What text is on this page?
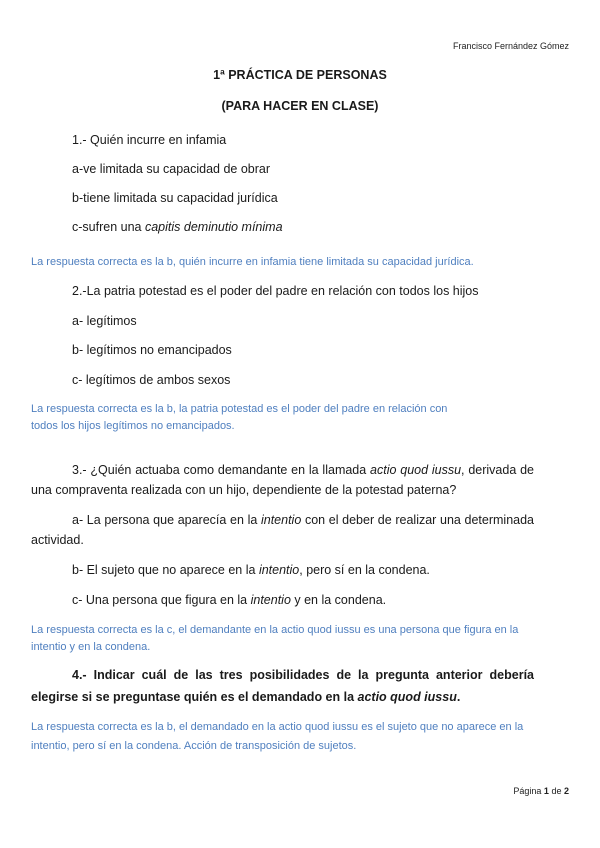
Francisco Fernández Gómez
1ª PRÁCTICA DE PERSONAS
(PARA HACER EN CLASE)
1.- Quién incurre en infamia
a-ve limitada su capacidad de obrar
b-tiene limitada su capacidad jurídica
c-sufren una capitis deminutio mínima
La respuesta correcta es la b, quién incurre en infamia tiene limitada su capacidad jurídica.
2.-La patria potestad es el poder del padre en relación con todos los hijos
a- legítimos
b- legítimos no emancipados
c- legítimos de ambos sexos
La respuesta correcta es la b, la patria potestad es el poder del padre en relación con
todos los hijos legítimos no emancipados.
3.- ¿Quién actuaba como demandante en la llamada actio quod iussu, derivada de una compraventa realizada con un hijo, dependiente de la potestad paterna?
a- La persona que aparecía en la intentio con el deber de realizar una determinada actividad.
b- El sujeto que no aparece en la intentio, pero sí en la condena.
c- Una persona que figura en la intentio y en la condena.
La respuesta correcta es la c, el demandante en la actio quod iussu es una persona que figura en la
intentio y en la condena.
4.- Indicar cuál de las tres posibilidades de la pregunta anterior debería elegirse si se preguntase quién es el demandado en la actio quod iussu.
La respuesta correcta es la b, el demandado en la actio quod iussu es el sujeto que no aparece en la
intentio, pero sí en la condena. Acción de transposición de sujetos.
Página 1 de 2
